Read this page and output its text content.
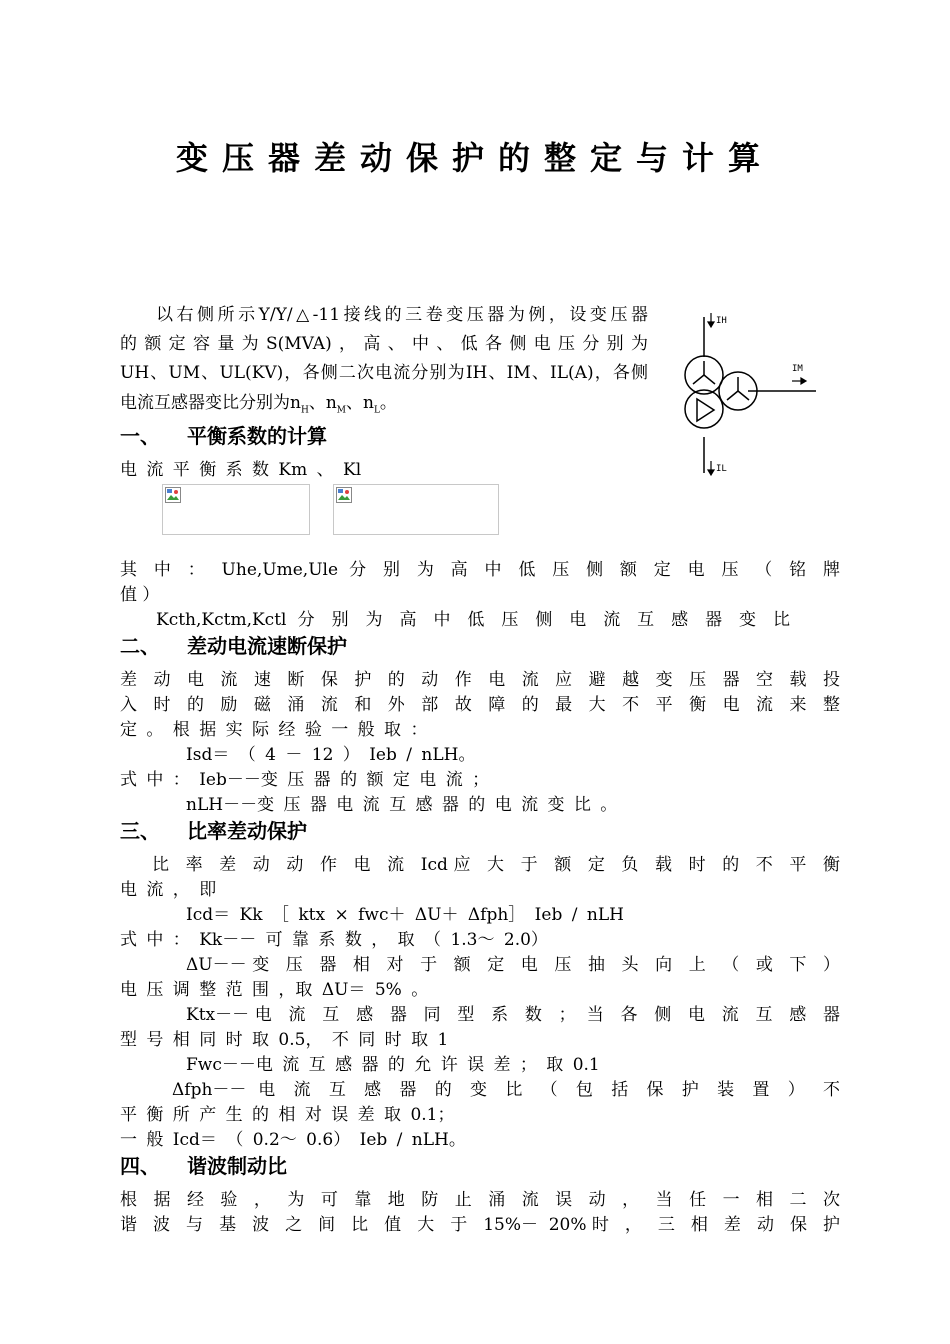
变压器差动保护的整定与计算
以右侧所示Y/Y/△-11接线的三卷变压器为例，设变压器
的额定容量为S(MVA)，高、中、低各侧电压分别为
UH、UM、UL(KV)，各侧二次电流分别为IH、IM、IL(A)，各侧
电流互感器变比分别为$n_H$、$n_M$、$n_L$。
IH
IM
IL
一、 平衡系数的计算
电 流 平 衡 系 数 Km 、 Kl
其 中 ： Uhe,Ume,Ule 分 别 为 高 中 低 压 侧 额 定 电 压 （ 铭 牌
值 ）
Kcth,Kctm,Kctl 分 别 为 高 中 低 压 侧 电 流 互 感 器 变 比
二、 差动电流速断保护
差 动 电 流 速 断 保 护 的 动 作 电 流 应 避 越 变 压 器 空 载 投
入 时 的 励 磁 涌 流 和 外 部 故 障 的 最 大 不 平 衡 电 流 来 整
定 。 根 据 实 际 经 验 一 般 取 ：
Isd＝ （ 4 － 12 ） Ieb / nLH。
式 中 ： Ieb－－变 压 器 的 额 定 电 流 ；
nLH－－变 压 器 电 流 互 感 器 的 电 流 变 比 。
三、 比率差动保护
比 率 差 动 动 作 电 流 Icd应 大 于 额 定 负 载 时 的 不 平 衡
电 流 ， 即
Icd＝ Kk ［ ktx × fwc＋ ΔU＋ Δfph］ Ieb / nLH
式 中 ： Kk－－ 可 靠 系 数 ， 取 （ 1.3～ 2.0）
ΔU－－变 压 器 相 对 于 额 定 电 压 抽 头 向 上 （ 或 下 ）
电 压 调 整 范 围 ，取 ΔU＝ 5% 。
Ktx－－电 流 互 感 器 同 型 系 数 ； 当 各 侧 电 流 互 感 器
型 号 相 同 时 取 0.5， 不 同 时 取 1
Fwc－－电 流 互 感 器 的 允 许 误 差 ； 取 0.1
Δfph－－ 电 流 互 感 器 的 变 比 （ 包 括 保 护 装 置 ） 不
平 衡 所 产 生 的 相 对 误 差 取 0.1；
一 般 Icd＝ （ 0.2～ 0.6） Ieb / nLH。
四、 谐波制动比
根 据 经 验 ， 为 可 靠 地 防 止 涌 流 误 动 ， 当 任 一 相 二 次
谐 波 与 基 波 之 间 比 值 大 于 15%－ 20%时 ， 三 相 差 动 保 护
